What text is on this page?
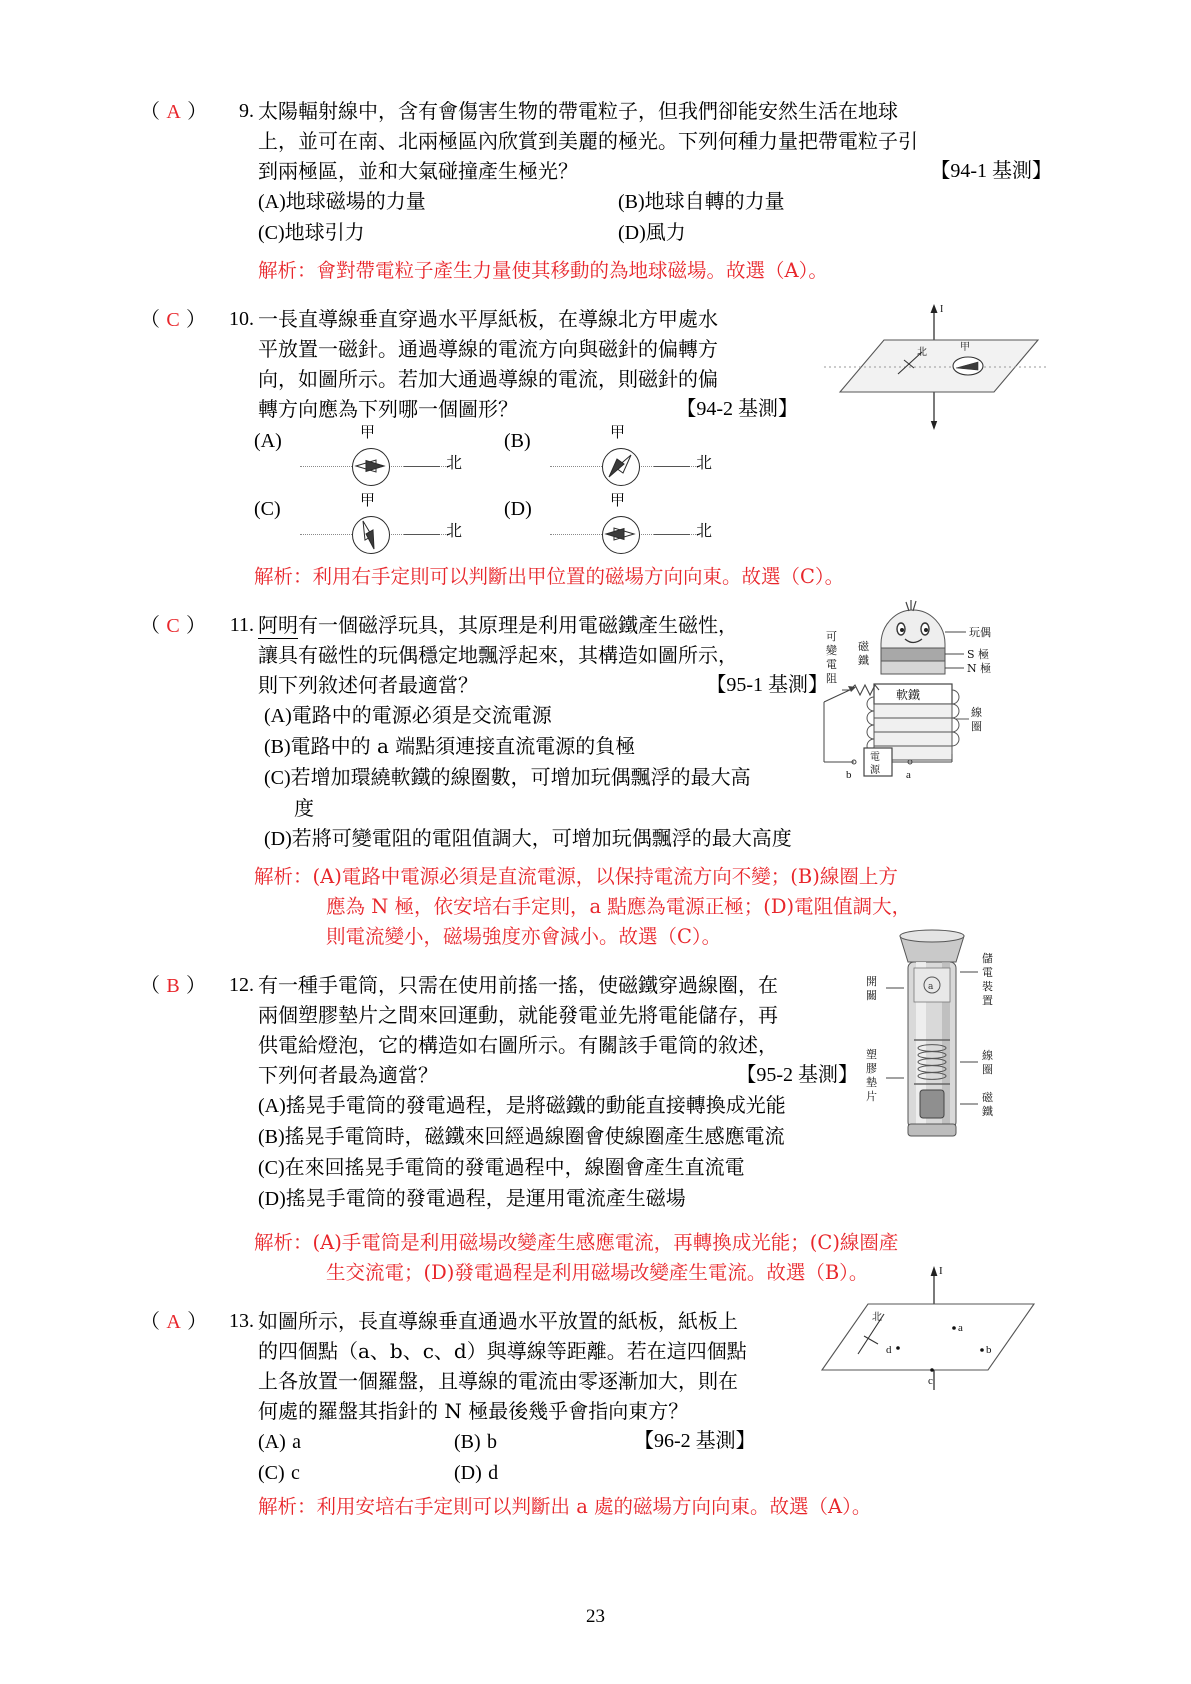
（ A ）	9. 太陽輻射線中，含有會傷害生物的帶電粒子，但我們卻能安然生活在地球
上，並可在南、北兩極區內欣賞到美麗的極光。下列何種力量把帶電粒子引
到兩極區，並和大氣碰撞產生極光？	【94-1 基測】
(A)地球磁場的力量	(B)地球自轉的力量
(C)地球引力	(D)風力
解析：會對帶電粒子產生力量使其移動的為地球磁場。故選（A）。
（ C ）	10. 一長直導線垂直穿過水平厚紙板，在導線北方甲處水
平放置一磁針。通過導線的電流方向與磁針的偏轉方
向，如圖所示。若加大通過導線的電流，則磁針的偏
轉方向應為下列哪一個圖形？	【94-2 基測】
(A)	甲
北
(B)	甲
北
(C)	甲
北
(D)	甲
北
解析：利用右手定則可以判斷出甲位置的磁場方向向東。故選（C）。
（ C ）	11. 阿明有一個磁浮玩具，其原理是利用電磁鐵產生磁性，
讓具有磁性的玩偶穩定地飄浮起來，其構造如圖所示，
則下列敘述何者最適當？	【95-1 基測】
(A)電路中的電源必須是交流電源
(B)電路中的 a 端點須連接直流電源的負極
(C)若增加環繞軟鐵的線圈數，可增加玩偶飄浮的最大高
度
(D)若將可變電阻的電阻值調大，可增加玩偶飄浮的最大高度
解析：(A)電路中電源必須是直流電源，以保持電流方向不變；(B)線圈上方
應為 N 極，依安培右手定則，a 點應為電源正極；(D)電阻值調大，
則電流變小，磁場強度亦會減小。故選（C）。
（ B ）	12. 有一種手電筒，只需在使用前搖一搖，使磁鐵穿過線圈，在
兩個塑膠墊片之間來回運動，就能發電並先將電能儲存，再
供電給燈泡，它的構造如右圖所示。有關該手電筒的敘述，
下列何者最為適當？	【95-2 基測】
(A)搖晃手電筒的發電過程，是將磁鐵的動能直接轉換成光能
(B)搖晃手電筒時，磁鐵來回經過線圈會使線圈產生感應電流
(C)在來回搖晃手電筒的發電過程中，線圈會產生直流電
(D)搖晃手電筒的發電過程，是運用電流產生磁場
解析：(A)手電筒是利用磁場改變產生感應電流，再轉換成光能；(C)線圈產
生交流電；(D)發電過程是利用磁場改變產生電流。故選（B）。
（ A ）	13. 如圖所示，長直導線垂直通過水平放置的紙板，紙板上
的四個點（a、b、c、d）與導線等距離。若在這四個點
上各放置一個羅盤，且導線的電流由零逐漸加大，則在
何處的羅盤其指針的 N 極最後幾乎會指向東方？
(A) a	(B) b	【96-2 基測】
(C) c	(D) d
解析：利用安培右手定則可以判斷出 a 處的磁場方向向東。故選（A）。
I
北	甲
玩偶
S 極
N 極
磁
鐵
軟鐵
線
圈
可
變
電
阻
b
電
源 a
a
儲
電
裝
置
線
圈
磁
鐵
開
關
塑
膠
墊
片
I
北
a
b
c
d
23
